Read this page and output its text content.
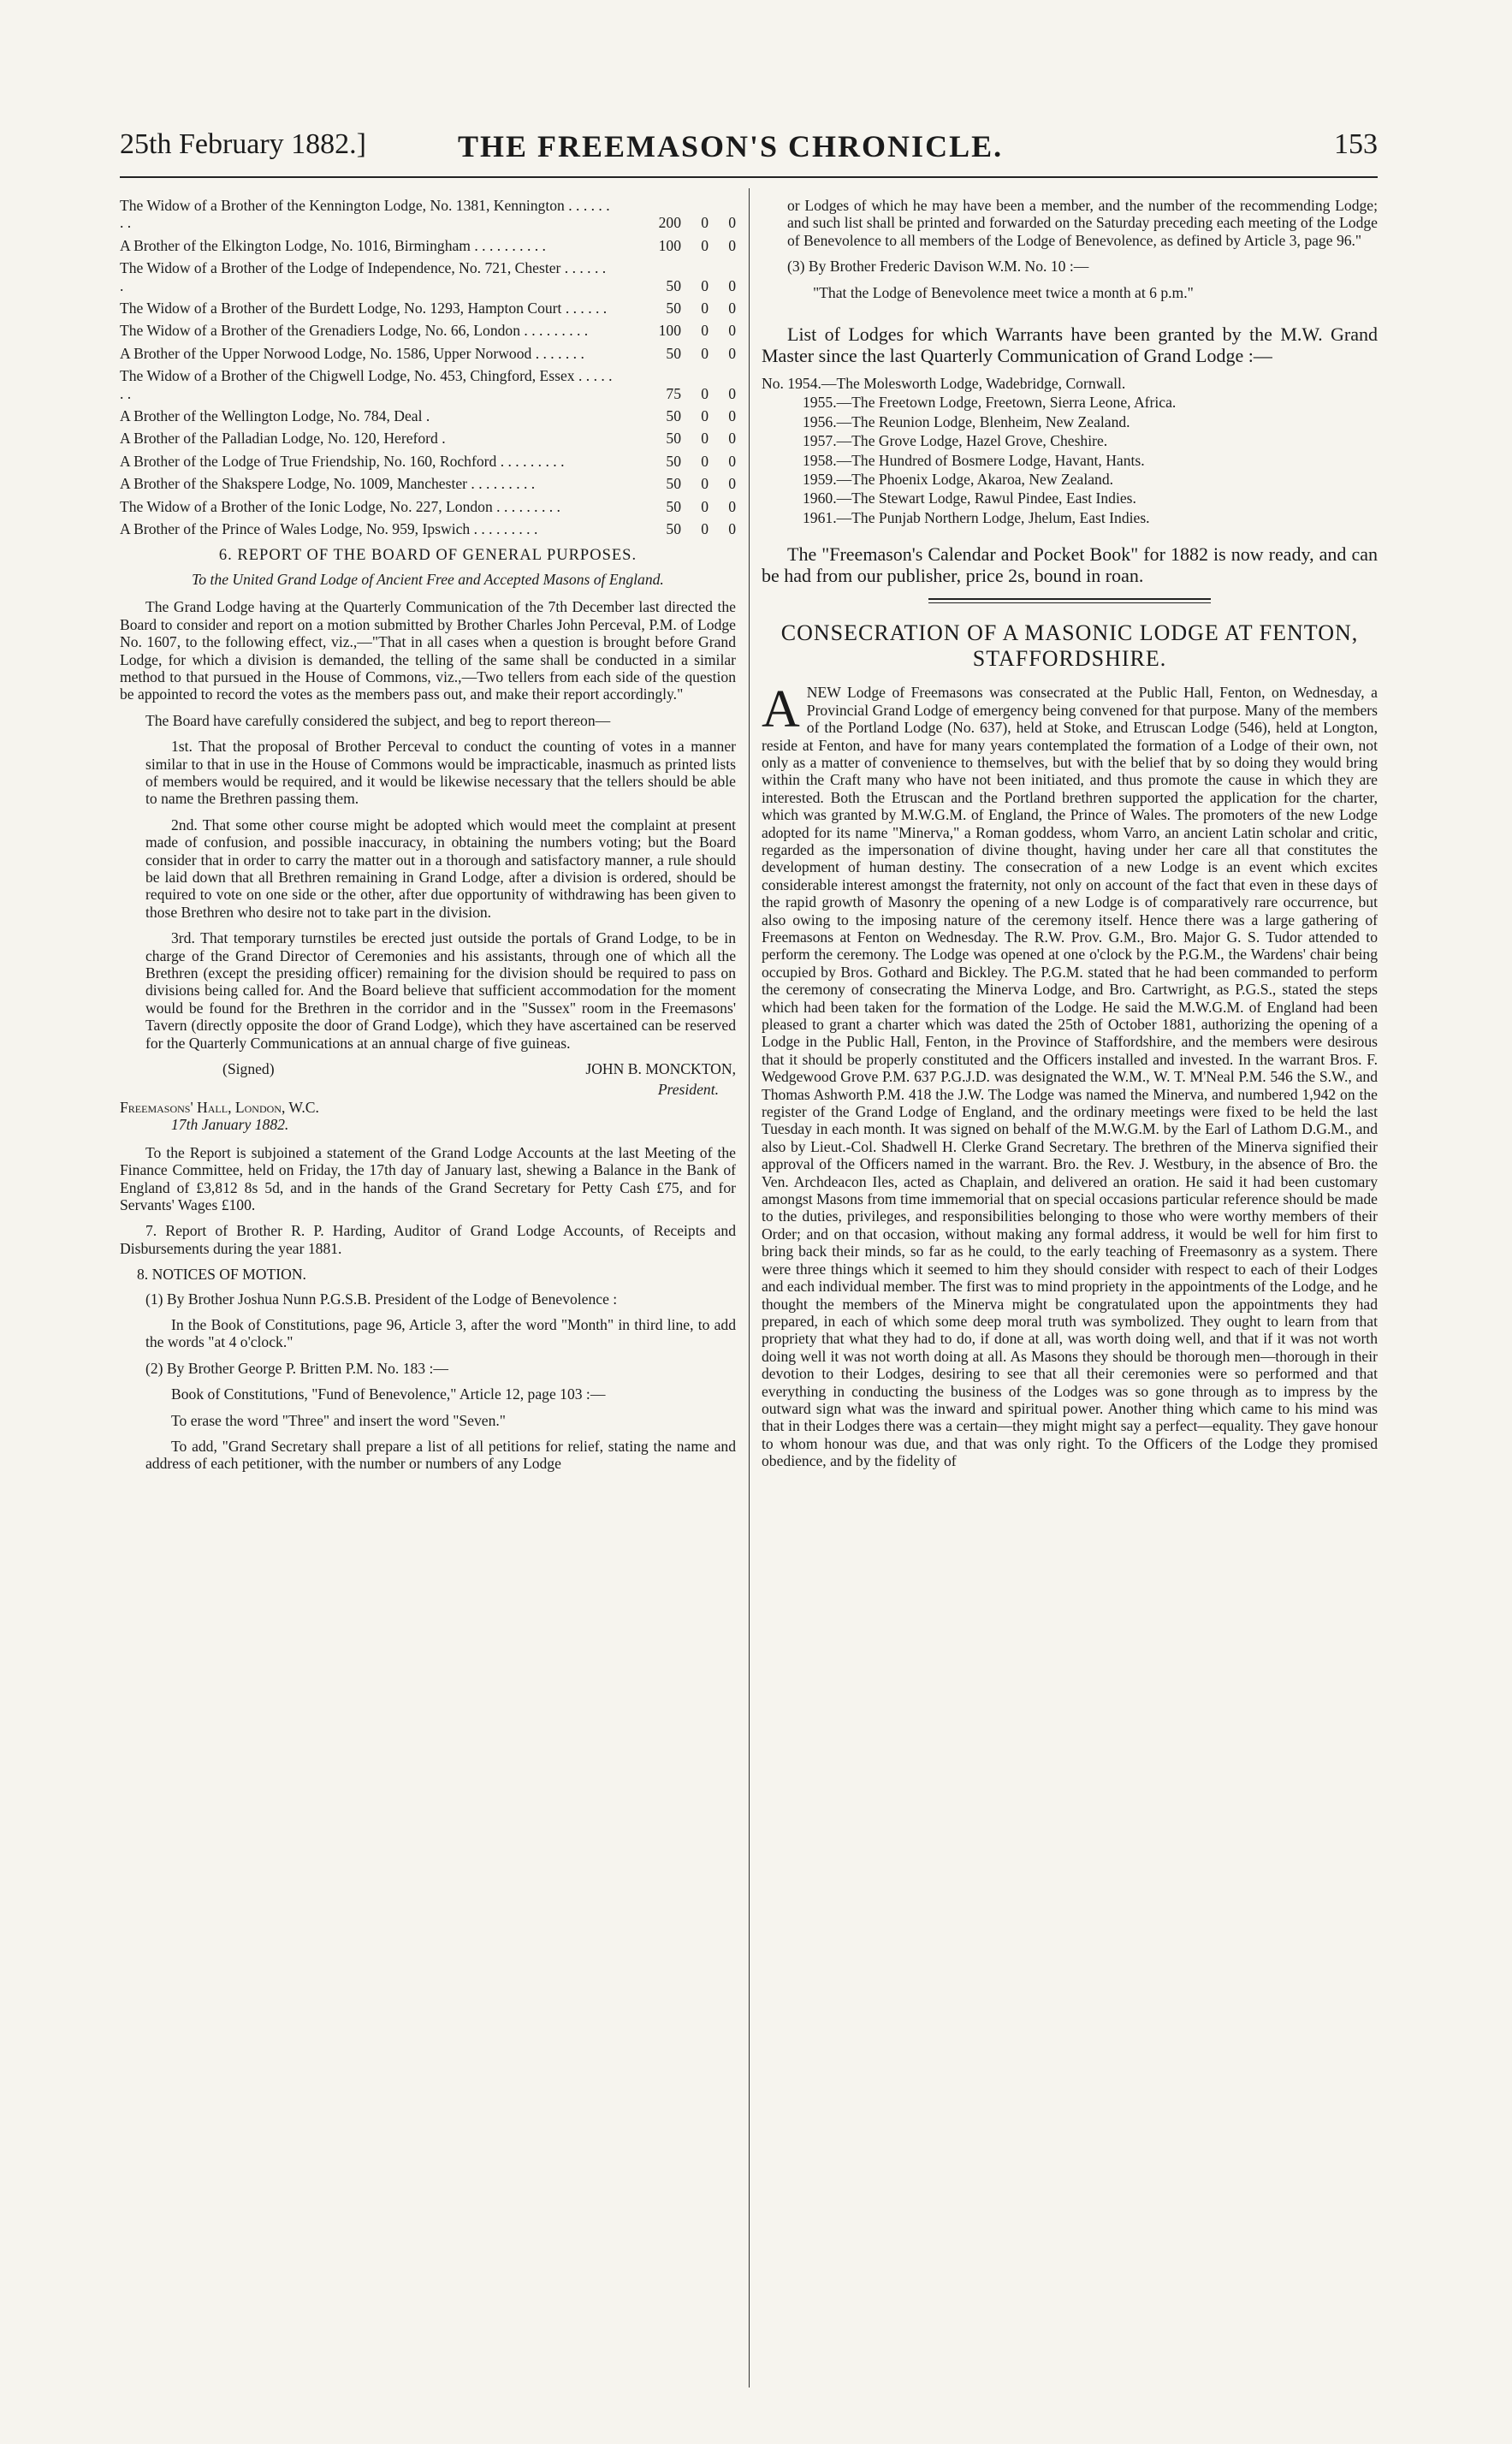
25th February 1882.]	THE FREEMASON'S CHRONICLE.	153
The Widow of a Brother of the Kennington Lodge, No. 1381, Kennington . . . . . . . .	200	0	0
A Brother of the Elkington Lodge, No. 1016, Birmingham . . . . . . . . . .	100	0	0
The Widow of a Brother of the Lodge of Independence, No. 721, Chester . . . . . . .	50	0	0
The Widow of a Brother of the Burdett Lodge, No. 1293, Hampton Court . . . . . .	50	0	0
The Widow of a Brother of the Grenadiers Lodge, No. 66, London . . . . . . . . .	100	0	0
A Brother of the Upper Norwood Lodge, No. 1586, Upper Norwood . . . . . . .	50	0	0
The Widow of a Brother of the Chigwell Lodge, No. 453, Chingford, Essex . . . . . . .	75	0	0
A Brother of the Wellington Lodge, No. 784, Deal .	50	0	0
A Brother of the Palladian Lodge, No. 120, Hereford .	50	0	0
A Brother of the Lodge of True Friendship, No. 160, Rochford . . . . . . . . .	50	0	0
A Brother of the Shakspere Lodge, No. 1009, Manchester . . . . . . . . .	50	0	0
The Widow of a Brother of the Ionic Lodge, No. 227, London . . . . . . . . .	50	0	0
A Brother of the Prince of Wales Lodge, No. 959, Ipswich . . . . . . . . .	50	0	0
6. REPORT OF THE BOARD OF GENERAL PURPOSES.
To the United Grand Lodge of Ancient Free and Accepted Masons of England.

The Grand Lodge having at the Quarterly Communication of the 7th December last directed the Board to consider and report on a motion submitted by Brother Charles John Perceval, P.M. of Lodge No. 1607, to the following effect, viz.,—"That in all cases when a question is brought before Grand Lodge, for which a division is demanded, the telling of the same shall be conducted in a similar method to that pursued in the House of Commons, viz.,—Two tellers from each side of the question be appointed to record the votes as the members pass out, and make their report accordingly."

The Board have carefully considered the subject, and beg to report thereon—

1st. That the proposal of Brother Perceval to conduct the counting of votes in a manner similar to that in use in the House of Commons would be impracticable, inasmuch as printed lists of members would be required, and it would be likewise necessary that the tellers should be able to name the Brethren passing them.

2nd. That some other course might be adopted which would meet the complaint at present made of confusion, and possible inaccuracy, in obtaining the numbers voting; but the Board consider that in order to carry the matter out in a thorough and satisfactory manner, a rule should be laid down that all Brethren remaining in Grand Lodge, after a division is ordered, should be required to vote on one side or the other, after due opportunity of withdrawing has been given to those Brethren who desire not to take part in the division.

3rd. That temporary turnstiles be erected just outside the portals of Grand Lodge, to be in charge of the Grand Director of Ceremonies and his assistants, through one of which all the Brethren (except the presiding officer) remaining for the division should be required to pass on divisions being called for. And the Board believe that sufficient accommodation for the moment would be found for the Brethren in the corridor and in the "Sussex" room in the Freemasons' Tavern (directly opposite the door of Grand Lodge), which they have ascertained can be reserved for the Quarterly Communications at an annual charge of five guineas.

(Signed)	JOHN B. MONCKTON,
President.
Freemasons' Hall, London, W.C.
17th January 1882.

To the Report is subjoined a statement of the Grand Lodge Accounts at the last Meeting of the Finance Committee, held on Friday, the 17th day of January last, shewing a Balance in the Bank of England of £3,812 8s 5d, and in the hands of the Grand Secretary for Petty Cash £75, and for Servants' Wages £100.

7. Report of Brother R. P. Harding, Auditor of Grand Lodge Accounts, of Receipts and Disbursements during the year 1881.

8. NOTICES OF MOTION.

(1) By Brother Joshua Nunn P.G.S.B. President of the Lodge of Benevolence :

In the Book of Constitutions, page 96, Article 3, after the word "Month" in third line, to add the words "at 4 o'clock."

(2) By Brother George P. Britten P.M. No. 183 :—

Book of Constitutions, "Fund of Benevolence," Article 12, page 103 :—

To erase the word "Three" and insert the word "Seven."

To add, "Grand Secretary shall prepare a list of all petitions for relief, stating the name and address of each petitioner, with the number or numbers of any Lodge

or Lodges of which he may have been a member, and the number of the recommending Lodge; and such list shall be printed and forwarded on the Saturday preceding each meeting of the Lodge of Benevolence to all members of the Lodge of Benevolence, as defined by Article 3, page 96."

(3) By Brother Frederic Davison W.M. No. 10 :—

"That the Lodge of Benevolence meet twice a month at 6 p.m."

List of Lodges for which Warrants have been granted by the M.W. Grand Master since the last Quarterly Communication of Grand Lodge :—

No. 1954.—The Molesworth Lodge, Wadebridge, Cornwall.
1955.—The Freetown Lodge, Freetown, Sierra Leone, Africa.
1956.—The Reunion Lodge, Blenheim, New Zealand.
1957.—The Grove Lodge, Hazel Grove, Cheshire.
1958.—The Hundred of Bosmere Lodge, Havant, Hants.
1959.—The Phoenix Lodge, Akaroa, New Zealand.
1960.—The Stewart Lodge, Rawul Pindee, East Indies.
1961.—The Punjab Northern Lodge, Jhelum, East Indies.

The "Freemason's Calendar and Pocket Book" for 1882 is now ready, and can be had from our publisher, price 2s, bound in roan.

CONSECRATION OF A MASONIC LODGE AT FENTON, STAFFORDSHIRE.

ANEW Lodge of Freemasons was consecrated at the Public Hall, Fenton, on Wednesday, a Provincial Grand Lodge of emergency being convened for that purpose. Many of the members of the Portland Lodge (No. 637), held at Stoke, and Etruscan Lodge (546), held at Longton, reside at Fenton, and have for many years contemplated the formation of a Lodge of their own, not only as a matter of convenience to themselves, but with the belief that by so doing they would bring within the Craft many who have not been initiated, and thus promote the cause in which they are interested. Both the Etruscan and the Portland brethren supported the application for the charter, which was granted by M.W.G.M. of England, the Prince of Wales. The promoters of the new Lodge adopted for its name "Minerva," a Roman goddess, whom Varro, an ancient Latin scholar and critic, regarded as the impersonation of divine thought, having under her care all that constitutes the development of human destiny. The consecration of a new Lodge is an event which excites considerable interest amongst the fraternity, not only on account of the fact that even in these days of the rapid growth of Masonry the opening of a new Lodge is of comparatively rare occurrence, but also owing to the imposing nature of the ceremony itself. Hence there was a large gathering of Freemasons at Fenton on Wednesday. The R.W. Prov. G.M., Bro. Major G. S. Tudor attended to perform the ceremony. The Lodge was opened at one o'clock by the P.G.M., the Wardens' chair being occupied by Bros. Gothard and Bickley. The P.G.M. stated that he had been commanded to perform the ceremony of consecrating the Minerva Lodge, and Bro. Cartwright, as P.G.S., stated the steps which had been taken for the formation of the Lodge. He said the M.W.G.M. of England had been pleased to grant a charter which was dated the 25th of October 1881, authorizing the opening of a Lodge in the Public Hall, Fenton, in the Province of Staffordshire, and the members were desirous that it should be properly constituted and the Officers installed and invested. In the warrant Bros. F. Wedgewood Grove P.M. 637 P.G.J.D. was designated the W.M., W. T. M'Neal P.M. 546 the S.W., and Thomas Ashworth P.M. 418 the J.W. The Lodge was named the Minerva, and numbered 1,942 on the register of the Grand Lodge of England, and the ordinary meetings were fixed to be held the last Tuesday in each month. It was signed on behalf of the M.W.G.M. by the Earl of Lathom D.G.M., and also by Lieut.-Col. Shadwell H. Clerke Grand Secretary. The brethren of the Minerva signified their approval of the Officers named in the warrant. Bro. the Rev. J. Westbury, in the absence of Bro. the Ven. Archdeacon Iles, acted as Chaplain, and delivered an oration. He said it had been customary amongst Masons from time immemorial that on special occasions particular reference should be made to the duties, privileges, and responsibilities belonging to those who were worthy members of their Order; and on that occasion, without making any formal address, it would be well for him first to bring back their minds, so far as he could, to the early teaching of Freemasonry as a system. There were three things which it seemed to him they should consider with respect to each of their Lodges and each individual member. The first was to mind propriety in the appointments of the Lodge, and he thought the members of the Minerva might be congratulated upon the appointments they had prepared, in each of which some deep moral truth was symbolized. They ought to learn from that propriety that what they had to do, if done at all, was worth doing well, and that if it was not worth doing well it was not worth doing at all. As Masons they should be thorough men—thorough in their devotion to their Lodges, desiring to see that all their ceremonies were so performed and that everything in conducting the business of the Lodges was so gone through as to impress by the outward sign what was the inward and spiritual power. Another thing which came to his mind was that in their Lodges there was a certain—they might might say a perfect—equality. They gave honour to whom honour was due, and that was only right. To the Officers of the Lodge they promised obedience, and by the fidelity of
